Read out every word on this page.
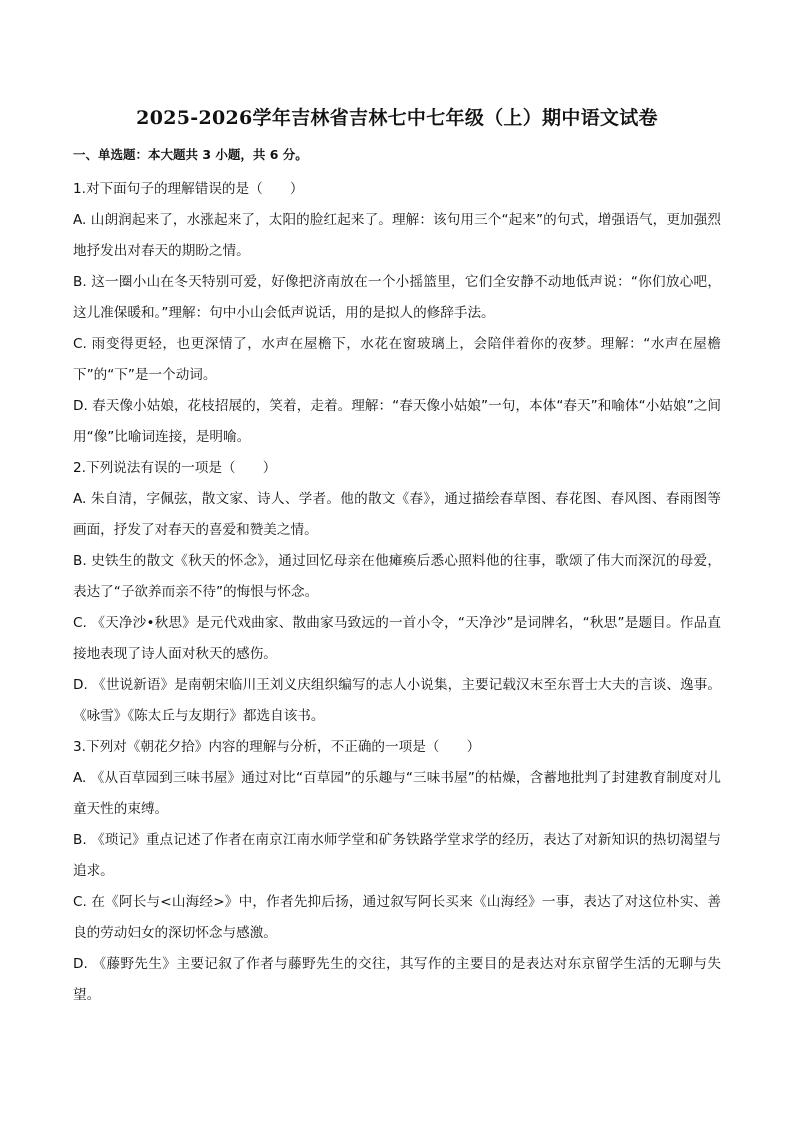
2025-2026学年吉林省吉林七中七年级（上）期中语文试卷
一、单选题：本大题共 3 小题，共 6 分。

1.对下面句子的理解错误的是（　　）

A. 山朗润起来了，水涨起来了，太阳的脸红起来了。理解：该句用三个“起来”的句式，增强语气，更加强烈地抒发出对春天的期盼之情。

B. 这一圈小山在冬天特别可爱，好像把济南放在一个小摇篮里，它们全安静不动地低声说：“你们放心吧，这儿准保暖和。”理解：句中小山会低声说话，用的是拟人的修辞手法。

C. 雨变得更轻，也更深情了，水声在屋檐下，水花在窗玻璃上，会陪伴着你的夜梦。理解：“水声在屋檐下”的“下”是一个动词。

D. 春天像小姑娘，花枝招展的，笑着，走着。理解：“春天像小姑娘”一句，本体“春天”和喻体“小姑娘”之间用“像”比喻词连接，是明喻。

2.下列说法有误的一项是（　　）

A. 朱自清，字佩弦，散文家、诗人、学者。他的散文《春》，通过描绘春草图、春花图、春风图、春雨图等画面，抒发了对春天的喜爱和赞美之情。

B. 史铁生的散文《秋天的怀念》，通过回忆母亲在他瘫痪后悉心照料他的往事，歌颂了伟大而深沉的母爱，表达了“子欲养而亲不待”的悔恨与怀念。

C. 《天净沙•秋思》是元代戏曲家、散曲家马致远的一首小令，“天净沙”是词牌名，“秋思”是题目。作品直接地表现了诗人面对秋天的感伤。

D. 《世说新语》是南朝宋临川王刘义庆组织编写的志人小说集，主要记载汉末至东晋士大夫的言谈、逸事。《咏雪》《陈太丘与友期行》都选自该书。

3.下列对《朝花夕拾》内容的理解与分析，不正确的一项是（　　）

A. 《从百草园到三味书屋》通过对比“百草园”的乐趣与“三味书屋”的枯燥，含蓄地批判了封建教育制度对儿童天性的束缚。

B. 《琐记》重点记述了作者在南京江南水师学堂和矿务铁路学堂求学的经历，表达了对新知识的热切渴望与追求。

C. 在《阿长与<山海经>》中，作者先抑后扬，通过叙写阿长买来《山海经》一事，表达了对这位朴实、善良的劳动妇女的深切怀念与感激。

D. 《藤野先生》主要记叙了作者与藤野先生的交往，其写作的主要目的是表达对东京留学生活的无聊与失望。
